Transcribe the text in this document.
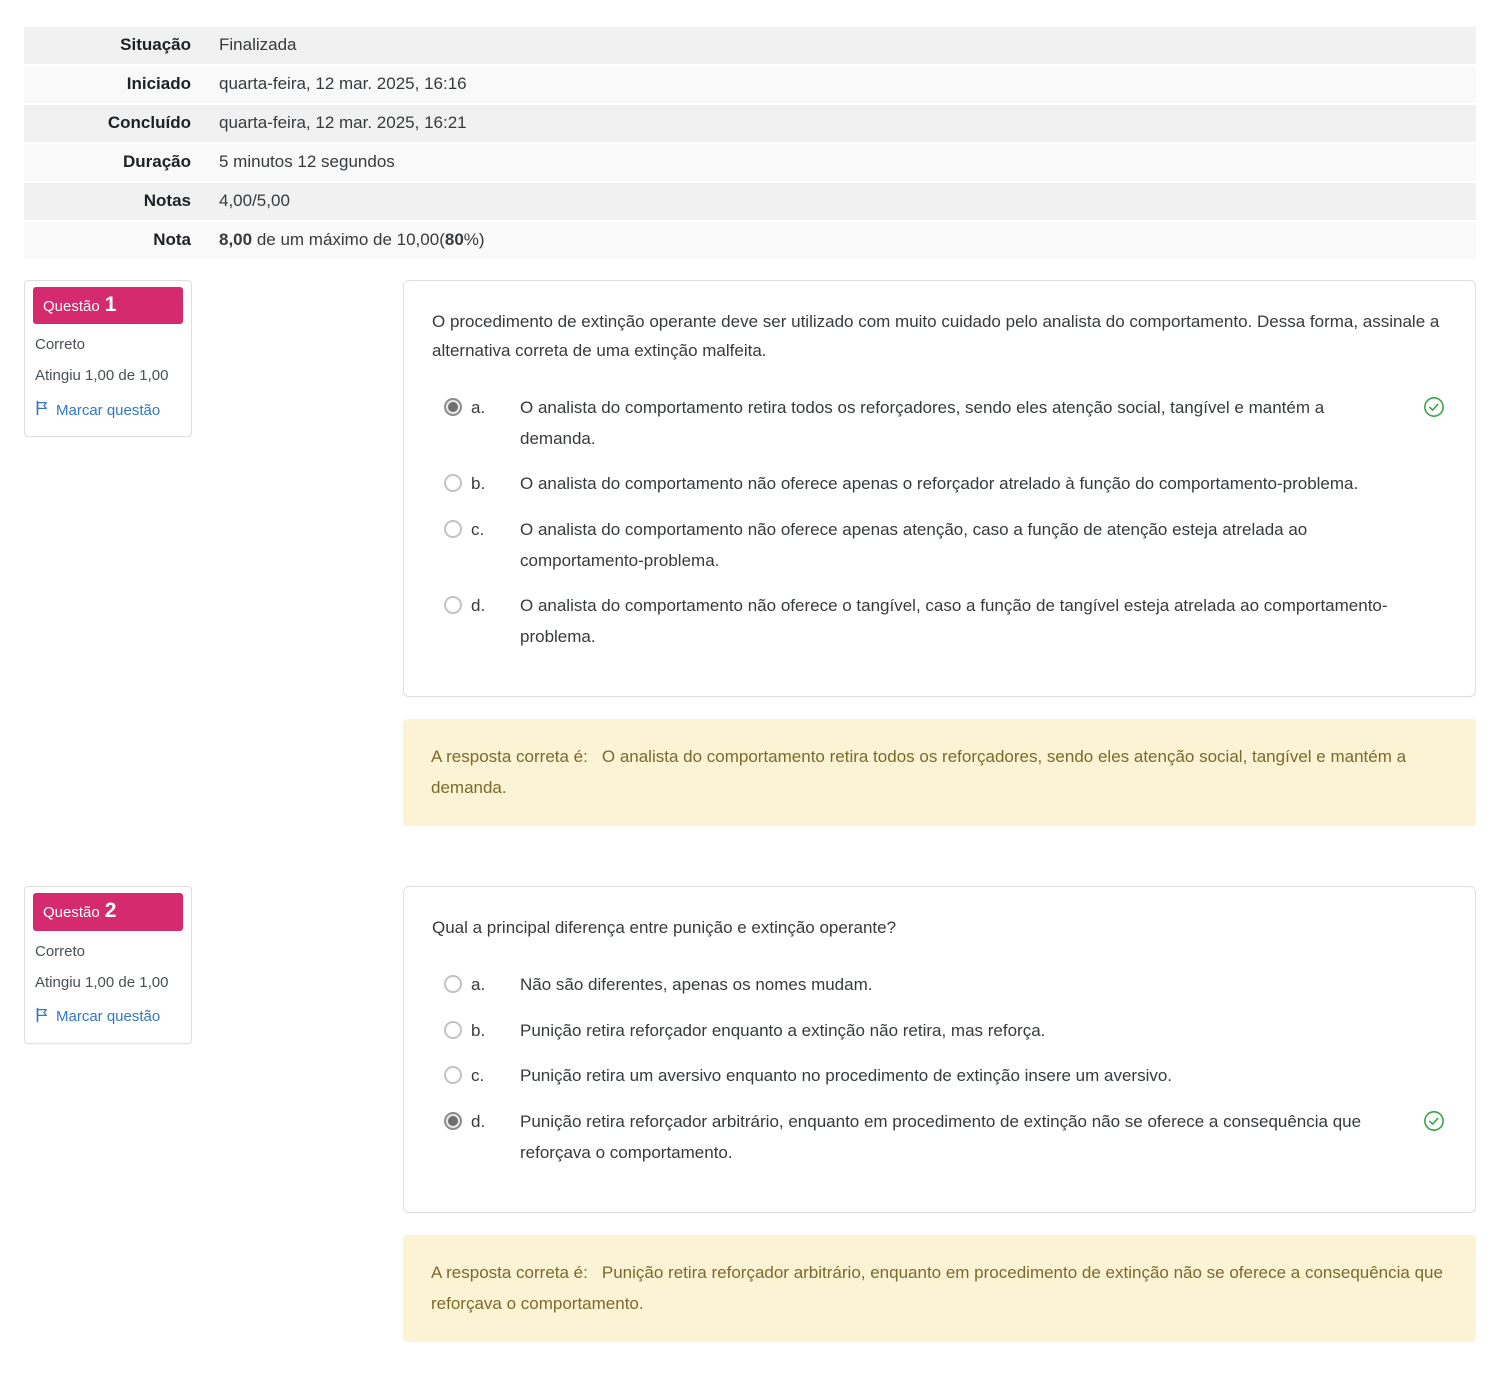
Situação	Finalizada
Iniciado	quarta-feira, 12 mar. 2025, 16:16
Concluído	quarta-feira, 12 mar. 2025, 16:21
Duração	5 minutos 12 segundos
Notas	4,00/5,00
Nota	8,00 de um máximo de 10,00(80%)
Questão 1
Correto
Atingiu 1,00 de 1,00
Marcar questão
O procedimento de extinção operante deve ser utilizado com muito cuidado pelo analista do comportamento. Dessa forma, assinale a alternativa correta de uma extinção malfeita.
a.	O analista do comportamento retira todos os reforçadores, sendo eles atenção social, tangível e mantém a demanda.
b.	O analista do comportamento não oferece apenas o reforçador atrelado à função do comportamento-problema.
c.	O analista do comportamento não oferece apenas atenção, caso a função de atenção esteja atrelada ao comportamento-problema.
d.	O analista do comportamento não oferece o tangível, caso a função de tangível esteja atrelada ao comportamento-problema.
A resposta correta é: O analista do comportamento retira todos os reforçadores, sendo eles atenção social, tangível e mantém a demanda.
Questão 2
Correto
Atingiu 1,00 de 1,00
Marcar questão
Qual a principal diferença entre punição e extinção operante?
a.	Não são diferentes, apenas os nomes mudam.
b.	Punição retira reforçador enquanto a extinção não retira, mas reforça.
c.	Punição retira um aversivo enquanto no procedimento de extinção insere um aversivo.
d.	Punição retira reforçador arbitrário, enquanto em procedimento de extinção não se oferece a consequência que reforçava o comportamento.
A resposta correta é: Punição retira reforçador arbitrário, enquanto em procedimento de extinção não se oferece a consequência que reforçava o comportamento.
